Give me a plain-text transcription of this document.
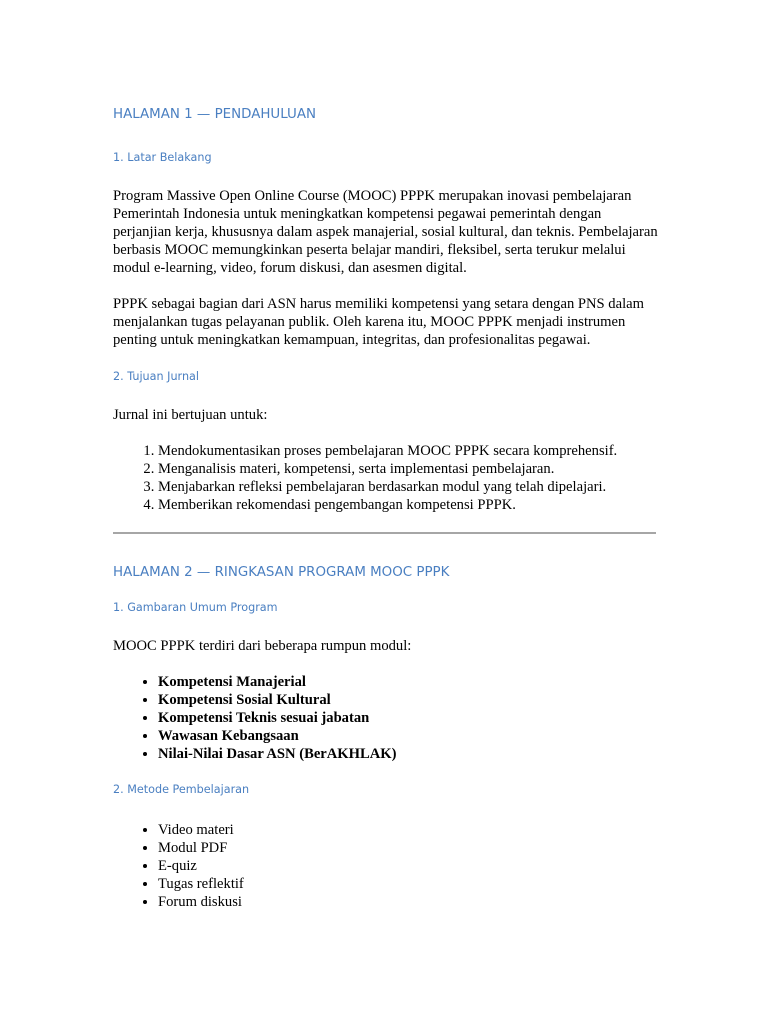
HALAMAN 1 — PENDAHULUAN
1. Latar Belakang

Program Massive Open Online Course (MOOC) PPPK merupakan inovasi pembelajaran Pemerintah Indonesia untuk meningkatkan kompetensi pegawai pemerintah dengan perjanjian kerja, khususnya dalam aspek manajerial, sosial kultural, dan teknis. Pembelajaran berbasis MOOC memungkinkan peserta belajar mandiri, fleksibel, serta terukur melalui modul e-learning, video, forum diskusi, dan asesmen digital.

PPPK sebagai bagian dari ASN harus memiliki kompetensi yang setara dengan PNS dalam menjalankan tugas pelayanan publik. Oleh karena itu, MOOC PPPK menjadi instrumen penting untuk meningkatkan kemampuan, integritas, dan profesionalitas pegawai.

2. Tujuan Jurnal

Jurnal ini bertujuan untuk:

1. Mendokumentasikan proses pembelajaran MOOC PPPK secara komprehensif.
2. Menganalisis materi, kompetensi, serta implementasi pembelajaran.
3. Menjabarkan refleksi pembelajaran berdasarkan modul yang telah dipelajari.
4. Memberikan rekomendasi pengembangan kompetensi PPPK.
HALAMAN 2 — RINGKASAN PROGRAM MOOC PPPK
1. Gambaran Umum Program

MOOC PPPK terdiri dari beberapa rumpun modul:

• Kompetensi Manajerial
• Kompetensi Sosial Kultural
• Kompetensi Teknis sesuai jabatan
• Wawasan Kebangsaan
• Nilai-Nilai Dasar ASN (BerAKHLAK)
2. Metode Pembelajaran
• Video materi
• Modul PDF
• E-quiz
• Tugas reflektif
• Forum diskusi
